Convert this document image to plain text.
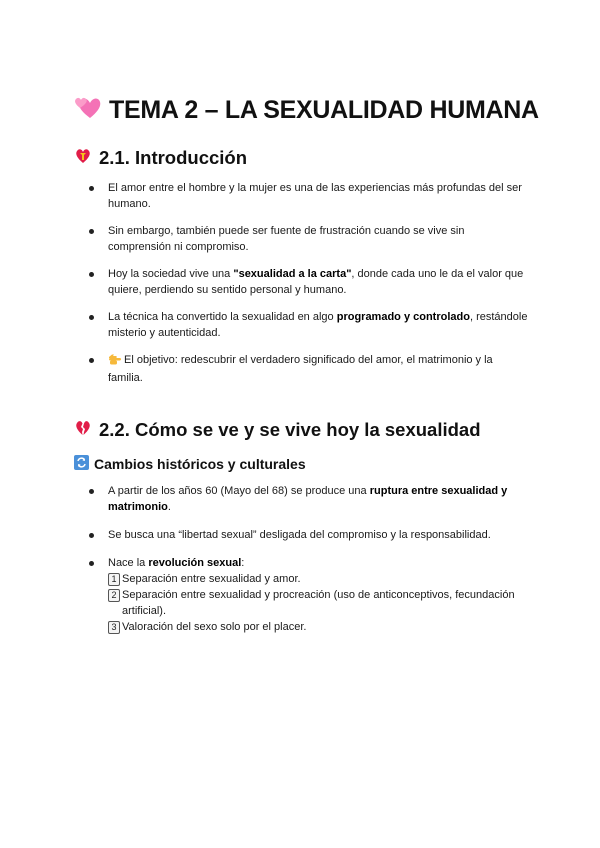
TEMA 2 – LA SEXUALIDAD HUMANA
2.1. Introducción
El amor entre el hombre y la mujer es una de las experiencias más profundas del ser humano.
Sin embargo, también puede ser fuente de frustración cuando se vive sin comprensión ni compromiso.
Hoy la sociedad vive una "sexualidad a la carta", donde cada uno le da el valor que quiere, perdiendo su sentido personal y humano.
La técnica ha convertido la sexualidad en algo programado y controlado, restándole misterio y autenticidad.
El objetivo: redescubrir el verdadero significado del amor, el matrimonio y la familia.
2.2. Cómo se ve y se vive hoy la sexualidad
Cambios históricos y culturales
A partir de los años 60 (Mayo del 68) se produce una ruptura entre sexualidad y matrimonio.
Se busca una “libertad sexual” desligada del compromiso y la responsabilidad.
Nace la revolución sexual:
1 Separación entre sexualidad y amor.
2 Separación entre sexualidad y procreación (uso de anticonceptivos, fecundación artificial).
3 Valoración del sexo solo por el placer.
